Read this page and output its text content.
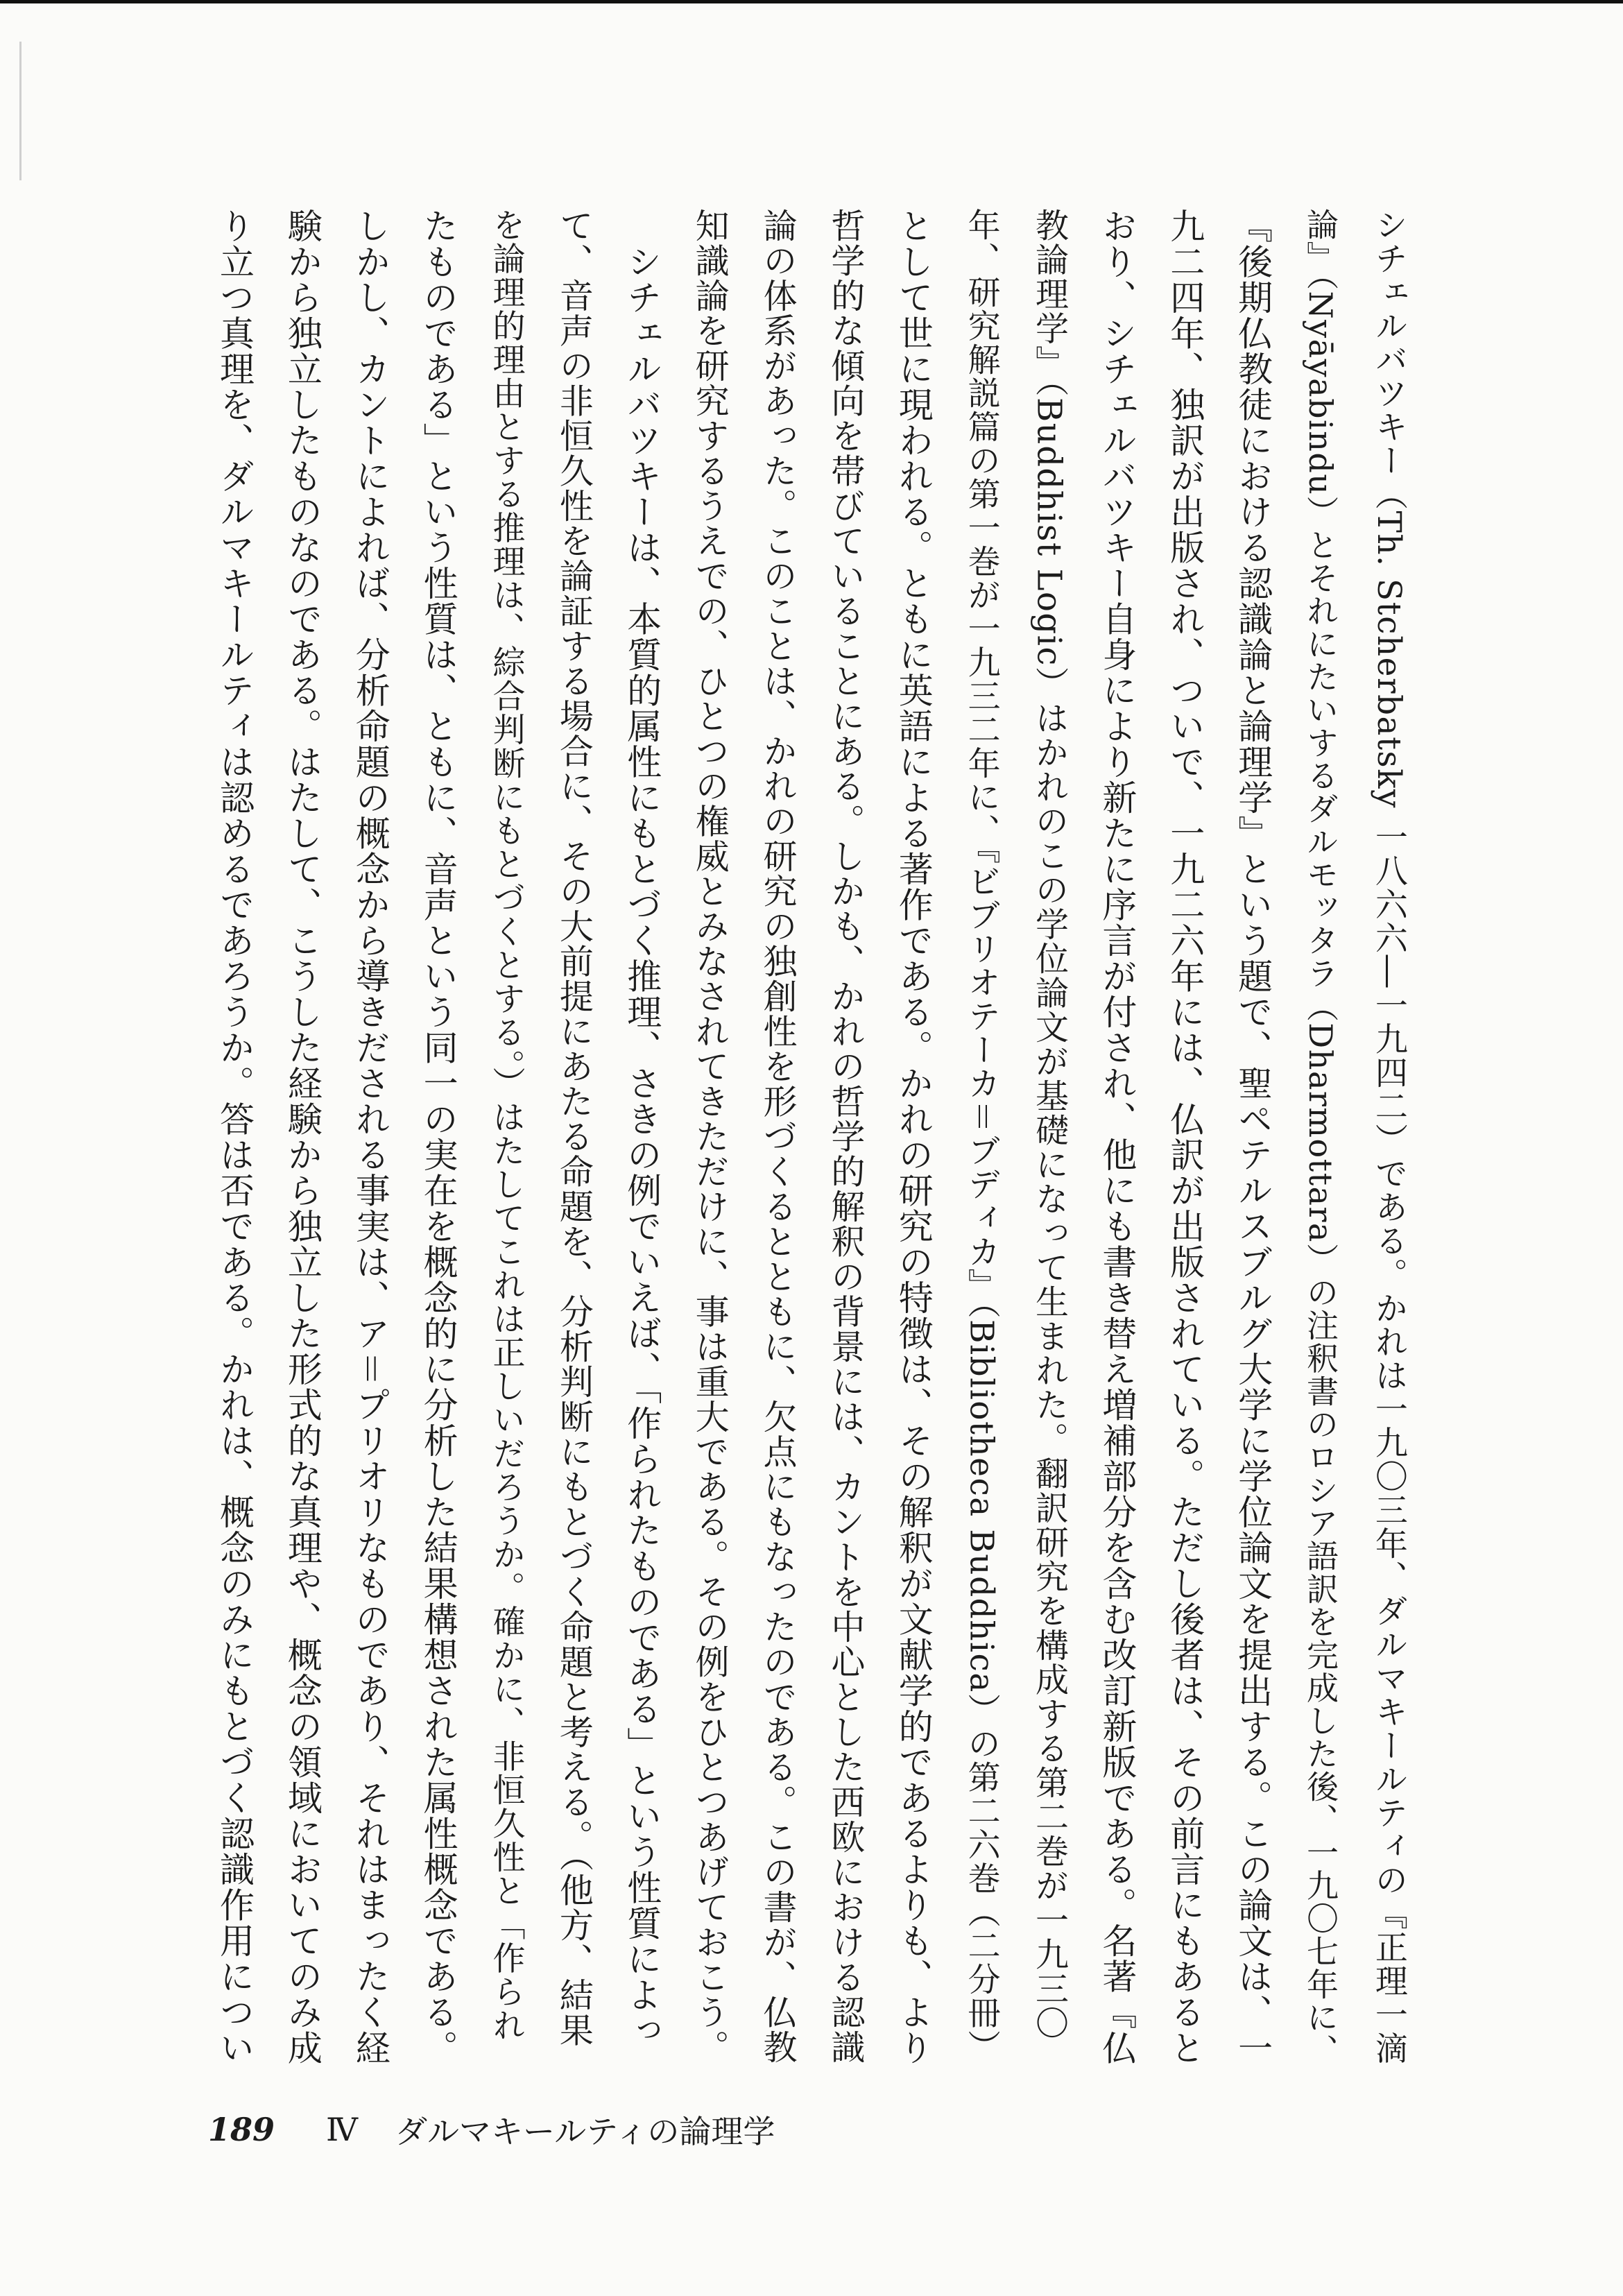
シチェルバツキー（Th. Stcherbatsky 一八六六―一九四二）である。かれは一九〇三年、ダルマキールティの『正理一滴
論』（Nyāyabindu）とそれにたいするダルモッタラ（Dharmottara）の注釈書のロシア語訳を完成した後、一九〇七年に、
『後期仏教徒における認識論と論理学』という題で、聖ペテルスブルグ大学に学位論文を提出する。この論文は、一
九二四年、独訳が出版され、ついで、一九二六年には、仏訳が出版されている。ただし後者は、その前言にもあると
おり、シチェルバツキー自身により新たに序言が付され、他にも書き替え増補部分を含む改訂新版である。名著『仏
教論理学』（Buddhist Logic）はかれのこの学位論文が基礎になって生まれた。翻訳研究を構成する第二巻が一九三〇
年、研究解説篇の第一巻が一九三二年に、『ビブリオテーカ＝ブディカ』（Bibliotheca Buddhica）の第二六巻（二分冊）
として世に現われる。ともに英語による著作である。かれの研究の特徴は、その解釈が文献学的であるよりも、より
哲学的な傾向を帯びていることにある。しかも、かれの哲学的解釈の背景には、カントを中心とした西欧における認識
論の体系があった。このことは、かれの研究の独創性を形づくるとともに、欠点にもなったのである。この書が、仏教
知識論を研究するうえでの、ひとつの権威とみなされてきただけに、事は重大である。その例をひとつあげておこう。
　シチェルバツキーは、本質的属性にもとづく推理、さきの例でいえば、「作られたものである」という性質によっ
て、音声の非恒久性を論証する場合に、その大前提にあたる命題を、分析判断にもとづく命題と考える。（他方、結果
を論理的理由とする推理は、綜合判断にもとづくとする。）はたしてこれは正しいだろうか。確かに、非恒久性と「作られ
たものである」という性質は、ともに、音声という同一の実在を概念的に分析した結果構想された属性概念である。
しかし、カントによれば、分析命題の概念から導きだされる事実は、ア＝プリオリなものであり、それはまったく経
験から独立したものなのである。はたして、こうした経験から独立した形式的な真理や、概念の領域においてのみ成
り立つ真理を、ダルマキールティは認めるであろうか。答は否である。かれは、概念のみにもとづく認識作用につい
189 Ⅳ ダルマキールティの論理学
